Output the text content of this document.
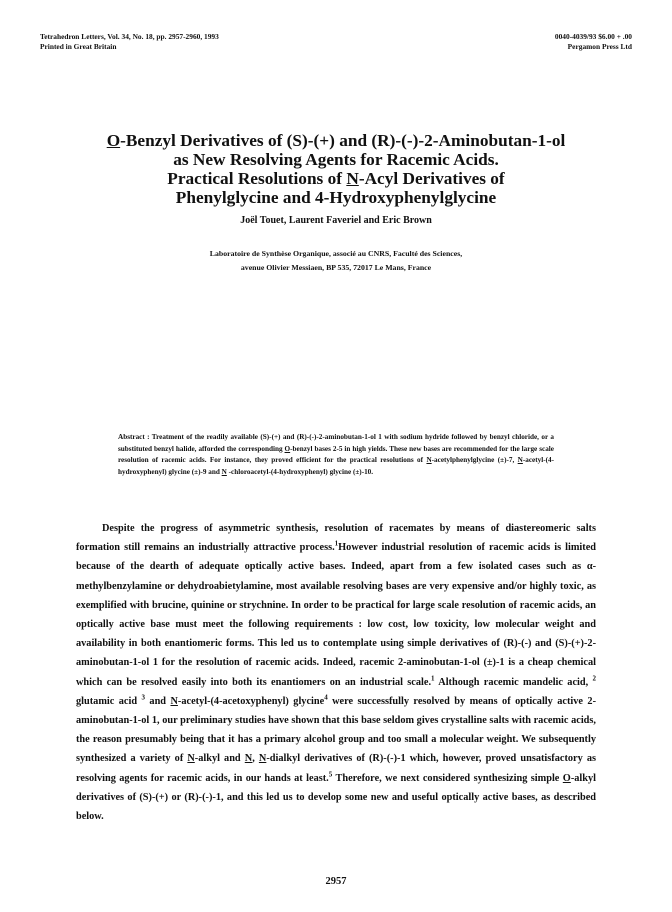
Tetrahedron Letters, Vol. 34, No. 18, pp. 2957-2960, 1993
Printed in Great Britain
0040-4039/93 $6.00 + .00
Pergamon Press Ltd
O-Benzyl Derivatives of (S)-(+) and (R)-(-)-2-Aminobutan-1-ol
as New Resolving Agents for Racemic Acids.
Practical Resolutions of N-Acyl Derivatives of
Phenylglycine and 4-Hydroxyphenylglycine
Joël Touet, Laurent Faveriel and Eric Brown
Laboratoire de Synthèse Organique, associé au CNRS, Faculté des Sciences,
avenue Olivier Messiaen, BP 535, 72017 Le Mans, France
Abstract : Treatment of the readily available (S)-(+) and (R)-(-)-2-aminobutan-1-ol 1 with sodium hydride followed by benzyl chloride, or a substituted benzyl halide, afforded the corresponding O-benzyl bases 2-5 in high yields. These new bases are recommended for the large scale resolution of racemic acids. For instance, they proved efficient for the practical resolutions of N-acetylphenylglycine (±)-7, N-acetyl-(4-hydroxyphenyl) glycine (±)-9 and N -chloroacetyl-(4-hydroxyphenyl) glycine (±)-10.

Despite the progress of asymmetric synthesis, resolution of racemates by means of diastereomeric salts formation still remains an industrially attractive process.$^1$However industrial resolution of racemic acids is limited because of the dearth of adequate optically active bases. Indeed, apart from a few isolated cases such as α-methylbenzylamine or dehydroabietylamine, most available resolving bases are very expensive and/or highly toxic, as exemplified with brucine, quinine or strychnine. In order to be practical for large scale resolution of racemic acids, an optically active base must meet the following requirements : low cost, low toxicity, low molecular weight and availability in both enantiomeric forms. This led us to contemplate using simple derivatives of (R)-(-) and (S)-(+)-2-aminobutan-1-ol 1 for the resolution of racemic acids. Indeed, racemic 2-aminobutan-1-ol (±)-1 is a cheap chemical which can be resolved easily into both its enantiomers on an industrial scale.$^1$ Although racemic mandelic acid, $^2$ glutamic acid $^3$ and N-acetyl-(4-acetoxyphenyl) glycine$^4$ were successfully resolved by means of optically active 2-aminobutan-1-ol 1, our preliminary studies have shown that this base seldom gives crystalline salts with racemic acids, the reason presumably being that it has a primary alcohol group and too small a molecular weight. We subsequently synthesized a variety of N-alkyl and N, N-dialkyl derivatives of (R)-(-)-1 which, however, proved unsatisfactory as resolving agents for racemic acids, in our hands at least.$^5$ Therefore, we next considered synthesizing simple O-alkyl derivatives of (S)-(+) or (R)-(-)-1, and this led us to develop some new and useful optically active bases, as described below.

2957
